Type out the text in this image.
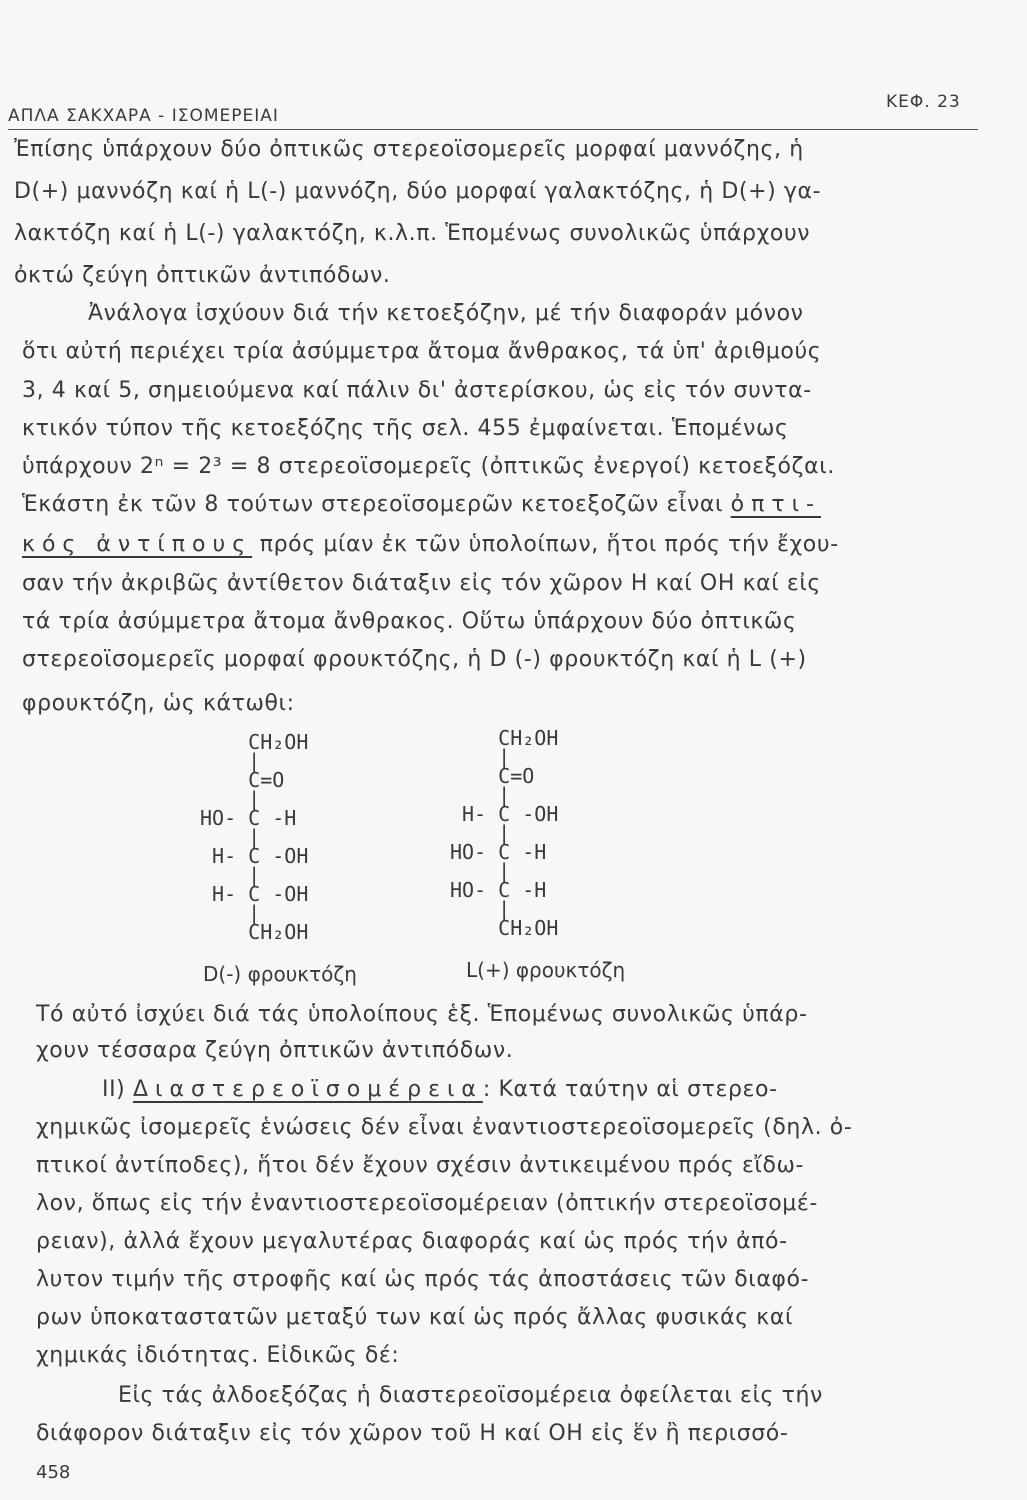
ΑΠΛΑ ΣΑΚΧΑΡΑ - ΙΣΟΜΕΡΕΙΑΙ
ΚΕΦ. 23
Ἐπίσης ὑπάρχουν δύο ὀπτικῶς στερεοϊσομερεῖς μορφαί μαννόζης, ἡ
D(+) μαννόζη καί ἡ L(-) μαννόζη, δύο μορφαί γαλακτόζης, ἡ D(+) γα-
λακτόζη καί ἡ L(-) γαλακτόζη, κ.λ.π. Ἑπομένως συνολικῶς ὑπάρχουν
ὀκτώ ζεύγη ὀπτικῶν ἀντιπόδων.
Ἀνάλογα ἰσχύουν διά τήν κετοεξόζην, μέ τήν διαφοράν μόνον
ὅτι αὐτή περιέχει τρία ἀσύμμετρα ἄτομα ἄνθρακος, τά ὑπ' ἀριθμούς
3, 4 καί 5, σημειούμενα καί πάλιν δι' ἀστερίσκου, ὡς εἰς τόν συντα-
κτικόν τύπον τῆς κετοεξόζης τῆς σελ. 455 ἐμφαίνεται. Ἑπομένως
ὑπάρχουν 2ⁿ = 2³ = 8 στερεοϊσομερεῖς (ὀπτικῶς ἐνεργοί) κετοεξόζαι.
Ἑκάστη ἐκ τῶν 8 τούτων στερεοϊσομερῶν κετοεξοζῶν εἶναι ὀπτι-
κός ἀντίπους πρός μίαν ἐκ τῶν ὑπολοίπων, ἥτοι πρός τήν ἔχου-
σαν τήν ἀκριβῶς ἀντίθετον διάταξιν εἰς τόν χῶρον H καί OH καί εἰς
τά τρία ἀσύμμετρα ἄτομα ἄνθρακος. Οὕτω ὑπάρχουν δύο ὀπτικῶς
στερεοϊσομερεῖς μορφαί φρουκτόζης, ἡ D (-) φρουκτόζη καί ἡ L (+)
φρουκτόζη, ὡς κάτωθι:
CH₂OH
|
C=O
|
HO- C -H
|
H- C -OH
|
H- C -OH
|
CH₂OH
CH₂OH
|
C=O
|
H- C -OH
|
HO- C -H
|
HO- C -H
|
CH₂OH
D(-) φρουκτόζη	L(+) φρουκτόζη
Τό αὐτό ἰσχύει διά τάς ὑπολοίπους ἑξ. Ἑπομένως συνολικῶς ὑπάρ-
χουν τέσσαρα ζεύγη ὀπτικῶν ἀντιπόδων.
II) Διαστερεοϊσομέρεια: Κατά ταύτην αἱ στερεο-
χημικῶς ἰσομερεῖς ἑνώσεις δέν εἶναι ἐναντιοστερεοϊσομερεῖς (δηλ. ὀ-
πτικοί ἀντίποδες), ἥτοι δέν ἔχουν σχέσιν ἀντικειμένου πρός εἴδω-
λον, ὅπως εἰς τήν ἐναντιοστερεοϊσομέρειαν (ὀπτικήν στερεοϊσομέ-
ρειαν), ἀλλά ἔχουν μεγαλυτέρας διαφοράς καί ὡς πρός τήν ἀπό-
λυτον τιμήν τῆς στροφῆς καί ὡς πρός τάς ἀποστάσεις τῶν διαφό-
ρων ὑποκαταστατῶν μεταξύ των καί ὡς πρός ἄλλας φυσικάς καί
χημικάς ἰδιότητας. Εἰδικῶς δέ:
Εἰς τάς ἀλδοεξόζας ἡ διαστερεοϊσομέρεια ὀφείλεται εἰς τήν
διάφορον διάταξιν εἰς τόν χῶρον τοῦ H καί OH εἰς ἕν ἢ περισσό-
458
